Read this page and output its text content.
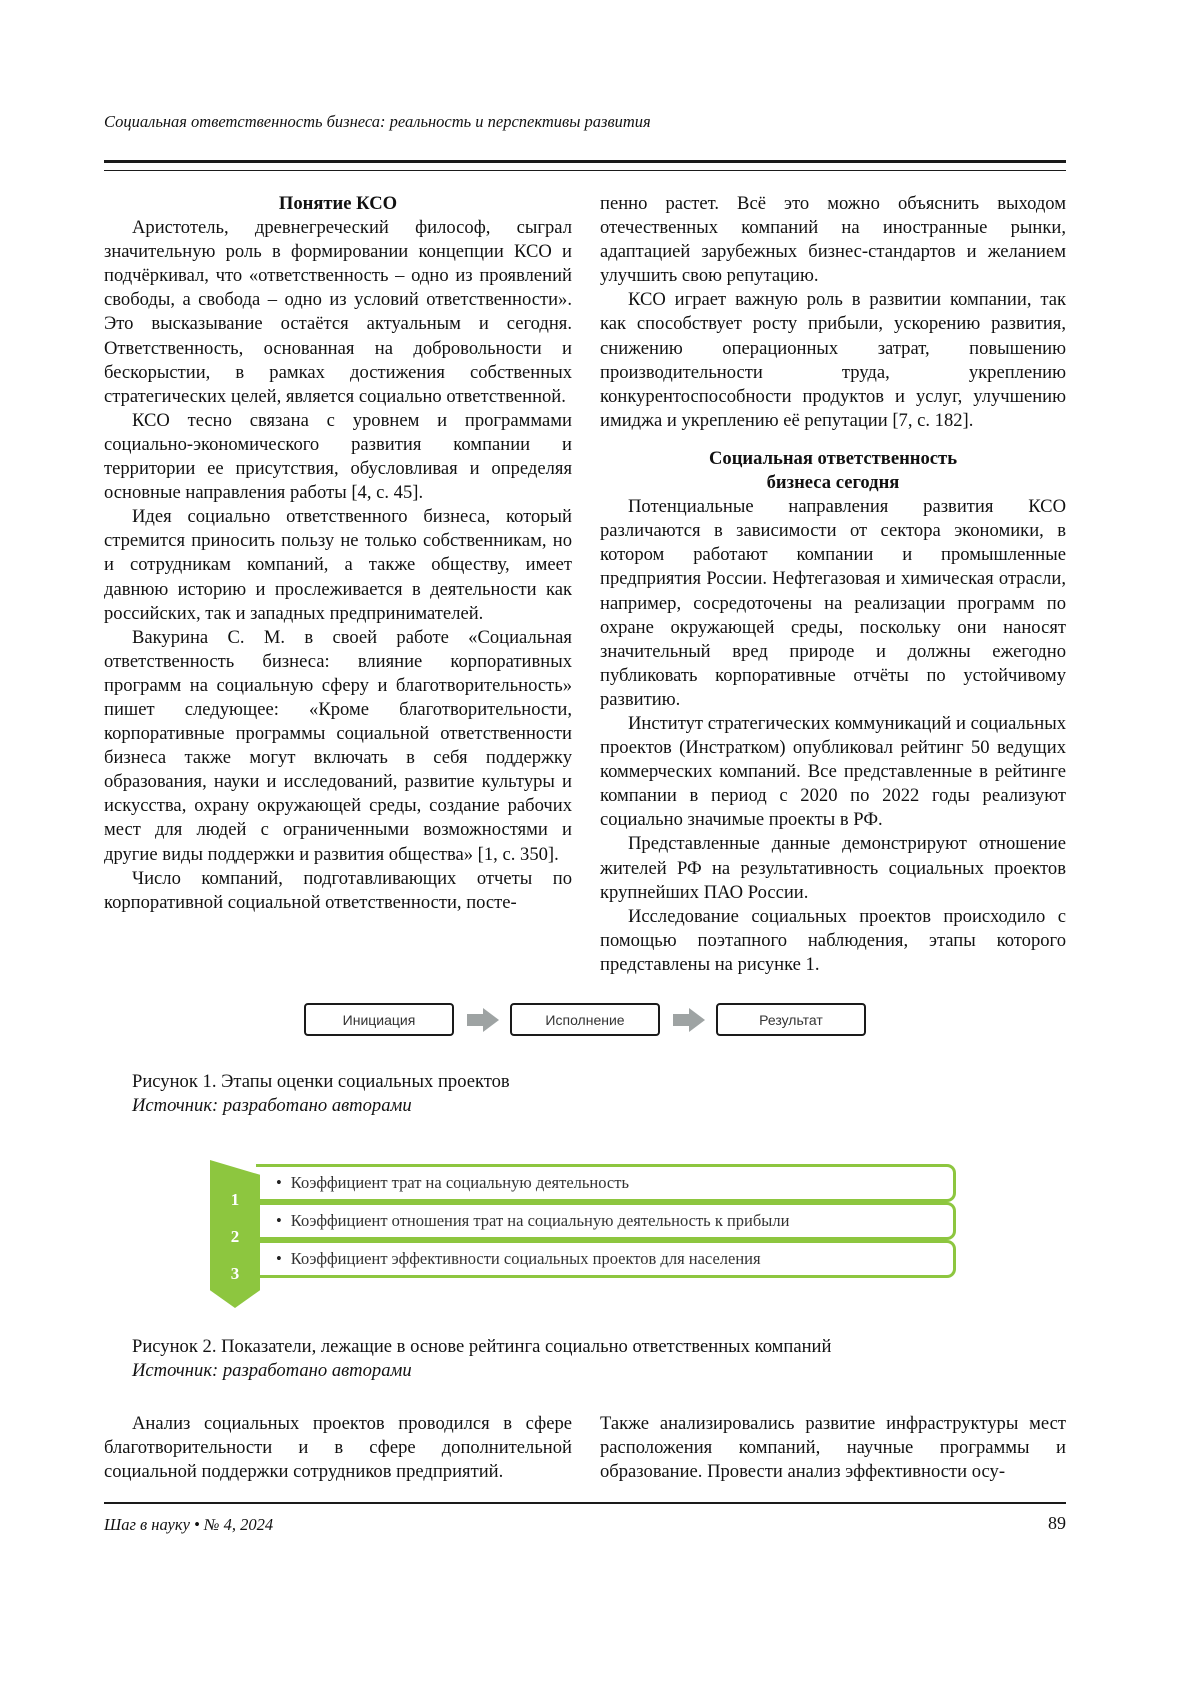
Социальная ответственность бизнеса: реальность и перспективы развития
Понятие КСО

Аристотель, древнегреческий философ, сыграл значительную роль в формировании концепции КСО и подчёркивал, что «ответственность – одно из проявлений свободы, а свобода – одно из условий ответственности». Это высказывание остаётся актуальным и сегодня. Ответственность, основанная на добровольности и бескорыстии, в рамках достижения собственных стратегических целей, является социально ответственной.

КСО тесно связана с уровнем и программами социально-экономического развития компании и территории ее присутствия, обусловливая и определяя основные направления работы [4, с. 45].

Идея социально ответственного бизнеса, который стремится приносить пользу не только собственникам, но и сотрудникам компаний, а также обществу, имеет давнюю историю и прослеживается в деятельности как российских, так и западных предпринимателей.

Вакурина С. М. в своей работе «Социальная ответственность бизнеса: влияние корпоративных программ на социальную сферу и благотворительность» пишет следующее: «Кроме благотворительности, корпоративные программы социальной ответственности бизнеса также могут включать в себя поддержку образования, науки и исследований, развитие культуры и искусства, охрану окружающей среды, создание рабочих мест для людей с ограниченными возможностями и другие виды поддержки и развития общества» [1, с. 350].

Число компаний, подготавливающих отчеты по корпоративной социальной ответственности, посте-

пенно растет. Всё это можно объяснить выходом отечественных компаний на иностранные рынки, адаптацией зарубежных бизнес-стандартов и желанием улучшить свою репутацию.

КСО играет важную роль в развитии компании, так как способствует росту прибыли, ускорению развития, снижению операционных затрат, повышению производительности труда, укреплению конкурентоспособности продуктов и услуг, улучшению имиджа и укреплению её репутации [7, с. 182].

Социальная ответственность
бизнеса сегодня

Потенциальные направления развития КСО различаются в зависимости от сектора экономики, в котором работают компании и промышленные предприятия России. Нефтегазовая и химическая отрасли, например, сосредоточены на реализации программ по охране окружающей среды, поскольку они наносят значительный вред природе и должны ежегодно публиковать корпоративные отчёты по устойчивому развитию.

Институт стратегических коммуникаций и социальных проектов (Инстратком) опубликовал рейтинг 50 ведущих коммерческих компаний. Все представленные в рейтинге компании в период с 2020 по 2022 годы реализуют социально значимые проекты в РФ.

Представленные данные демонстрируют отношение жителей РФ на результативность социальных проектов крупнейших ПАО России.

Исследование социальных проектов происходило с помощью поэтапного наблюдения, этапы которого представлены на рисунке 1.

Инициация	Исполнение	Результат
Рисунок 1. Этапы оценки социальных проектов
Источник: разработано авторами
• Коэффициент трат на социальную деятельность
• Коэффициент отношения трат на социальную деятельность к прибыли
• Коэффициент эффективности социальных проектов для населения
1
2
3
Рисунок 2. Показатели, лежащие в основе рейтинга социально ответственных компаний
Источник: разработано авторами

Анализ социальных проектов проводился в сфере благотворительности и в сфере дополнительной социальной поддержки сотрудников предприятий.

Также анализировались развитие инфраструктуры мест расположения компаний, научные программы и образование. Провести анализ эффективности осу-

Шаг в науку • № 4, 2024	89
